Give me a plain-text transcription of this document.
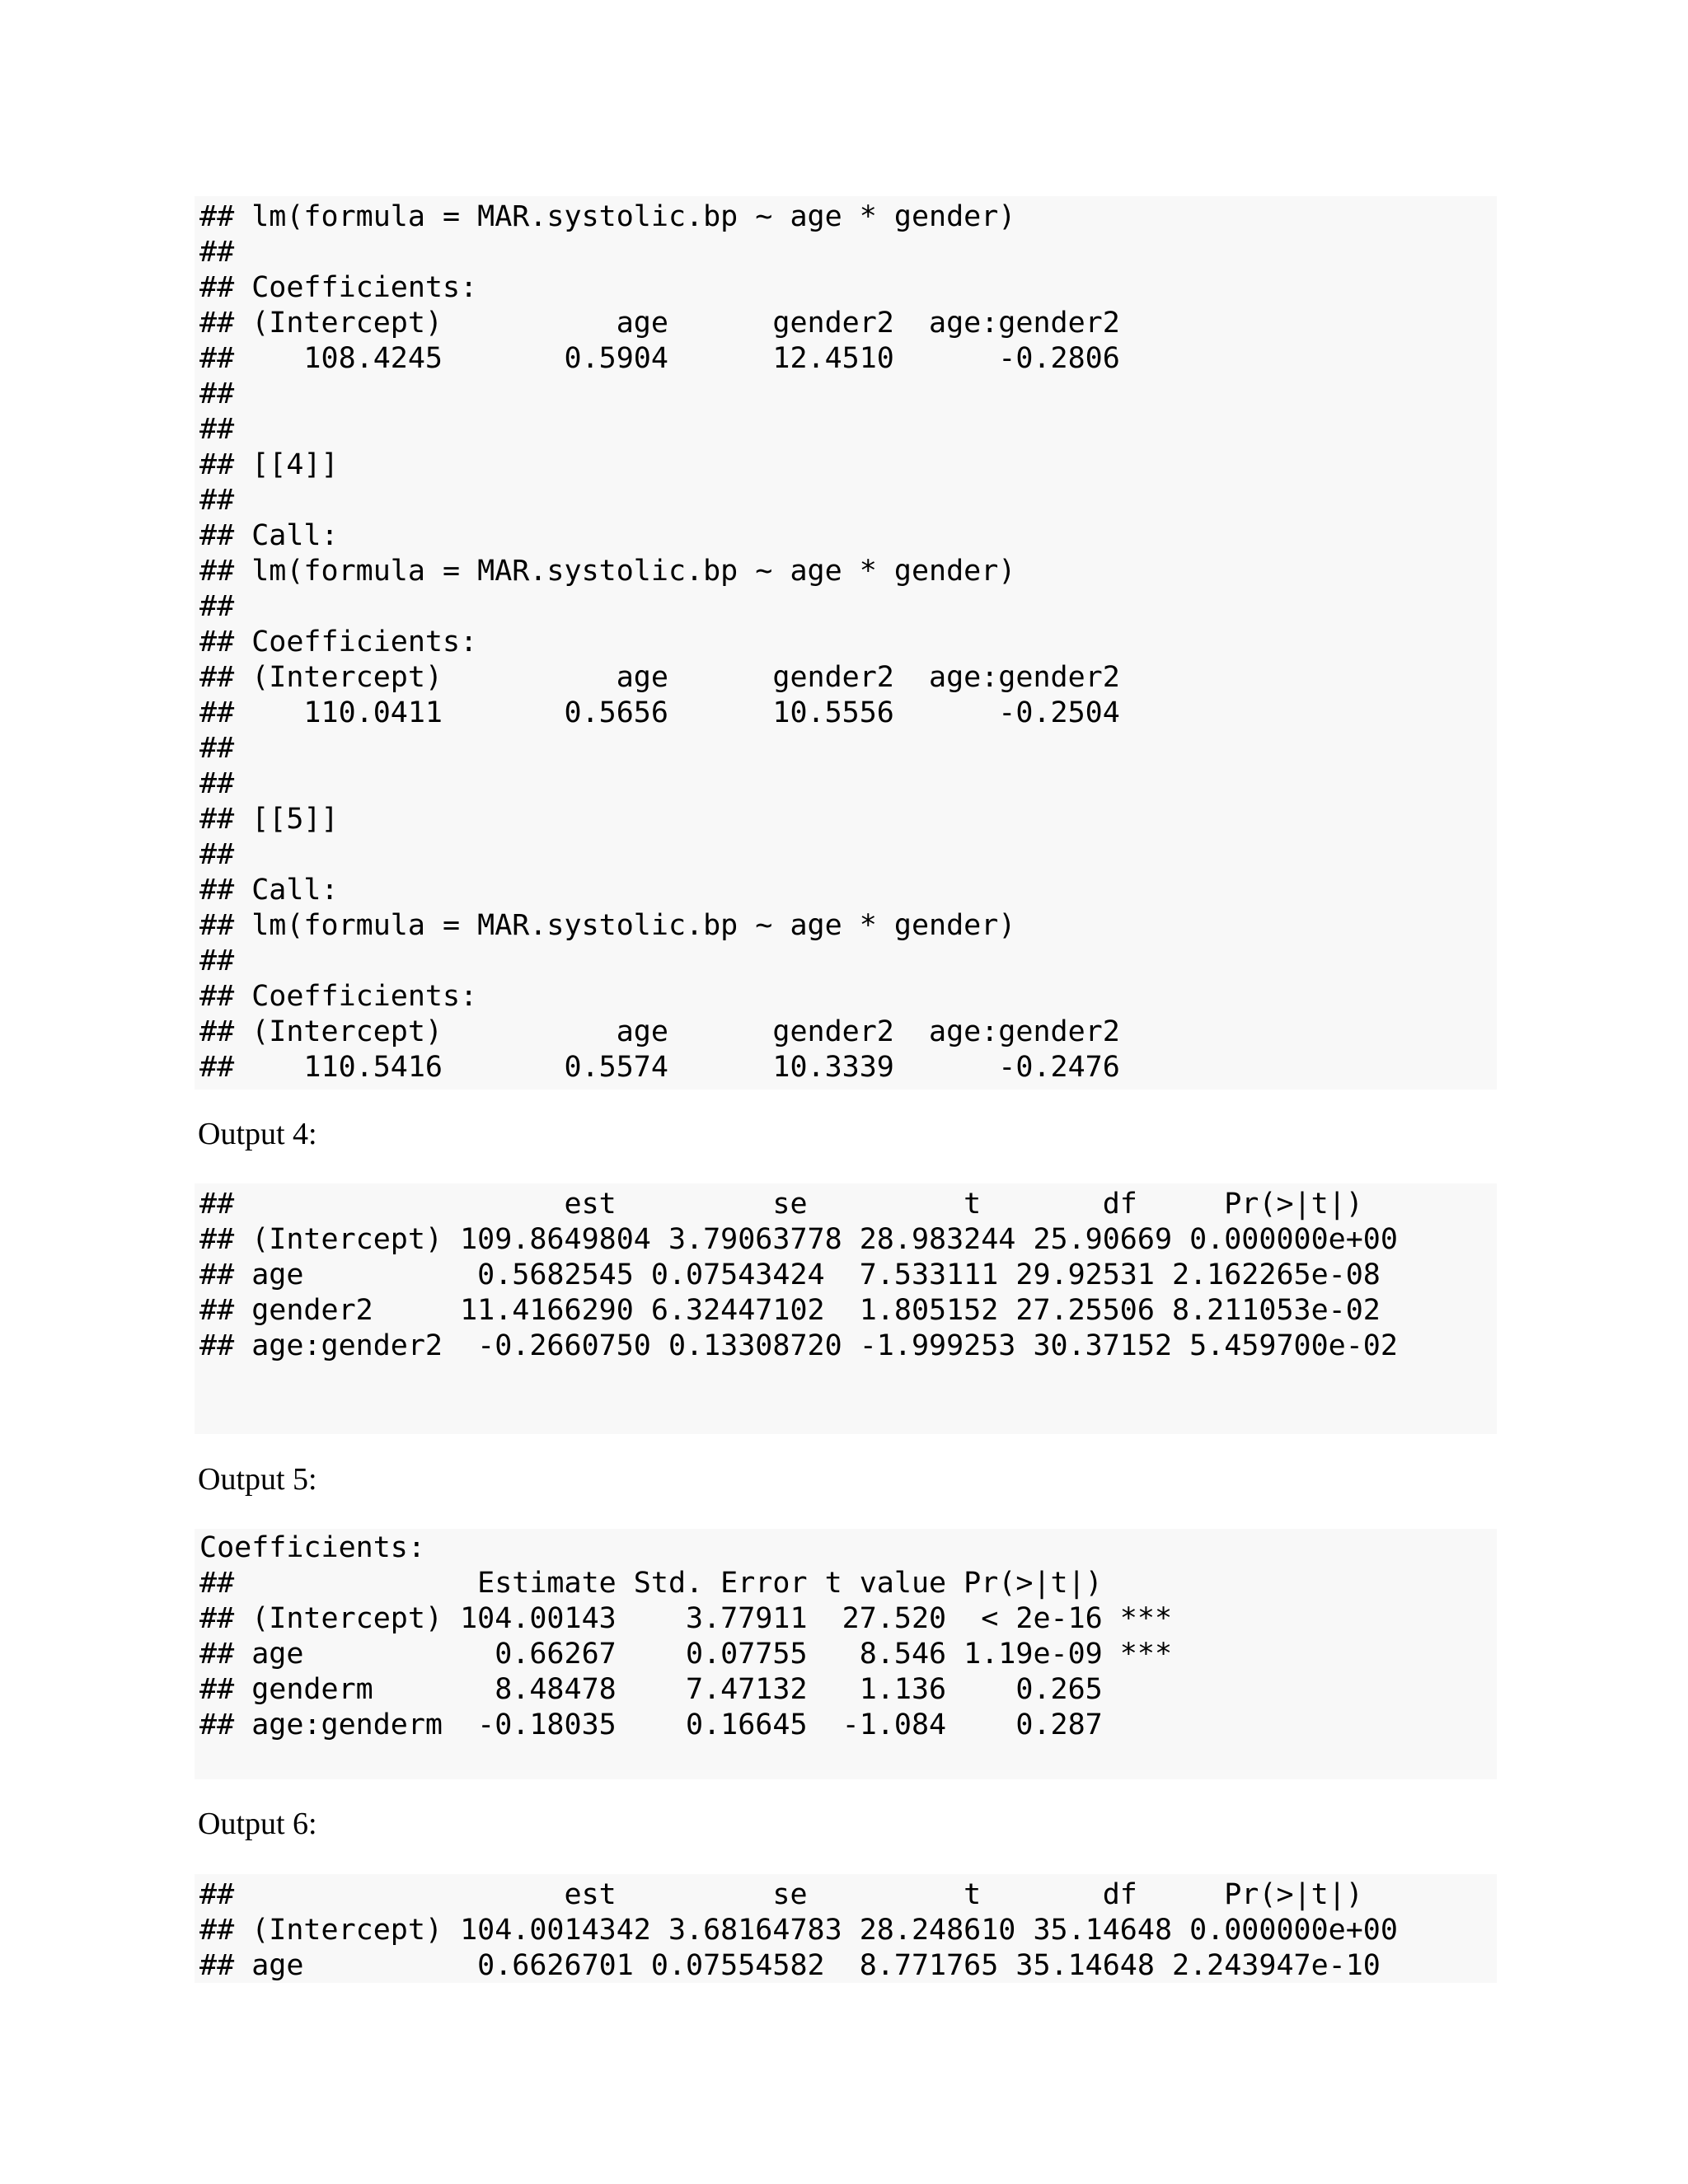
## lm(formula = MAR.systolic.bp ~ age * gender)
##
## Coefficients:
## (Intercept)          age      gender2  age:gender2
##    108.4245       0.5904      12.4510      -0.2806
##
##
## [[4]]
##
## Call:
## lm(formula = MAR.systolic.bp ~ age * gender)
##
## Coefficients:
## (Intercept)          age      gender2  age:gender2
##    110.0411       0.5656      10.5556      -0.2504
##
##
## [[5]]
##
## Call:
## lm(formula = MAR.systolic.bp ~ age * gender)
##
## Coefficients:
## (Intercept)          age      gender2  age:gender2
##    110.5416       0.5574      10.3339      -0.2476
Output 4:
##                   est         se         t       df     Pr(>|t|)
## (Intercept) 109.8649804 3.79063778 28.983244 25.90669 0.000000e+00
## age          0.5682545 0.07543424  7.533111 29.92531 2.162265e-08
## gender2     11.4166290 6.32447102  1.805152 27.25506 8.211053e-02
## age:gender2  -0.2660750 0.13308720 -1.999253 30.37152 5.459700e-02
Output 5:
Coefficients:
##              Estimate Std. Error t value Pr(>|t|)
## (Intercept) 104.00143    3.77911  27.520  < 2e-16 ***
## age           0.66267    0.07755   8.546 1.19e-09 ***
## genderm       8.48478    7.47132   1.136    0.265
## age:genderm  -0.18035    0.16645  -1.084    0.287
Output 6:
##                   est         se         t       df     Pr(>|t|)
## (Intercept) 104.0014342 3.68164783 28.248610 35.14648 0.000000e+00
## age          0.6626701 0.07554582  8.771765 35.14648 2.243947e-10
